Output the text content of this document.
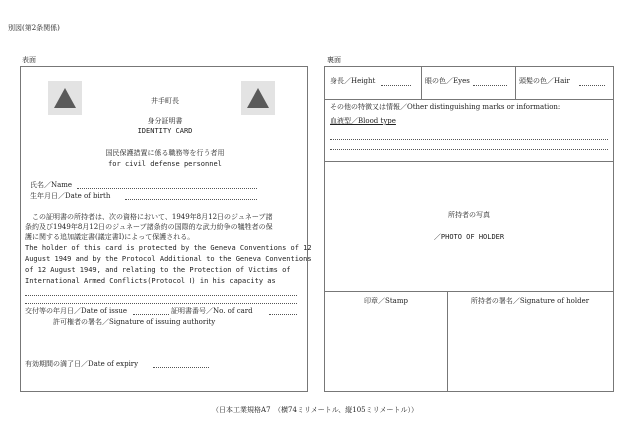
別図(第2条関係)
表面
井手町長
身分証明書
IDENTITY CARD
国民保護措置に係る職務等を行う者用
for civil defense personnel
氏名／Name
生年月日／Date of birth
　この証明書の所持者は、次の資格において、1949年8月12日のジュネーブ諸
条約及び1949年8月12日のジュネーブ諸条約の国際的な武力紛争の犠牲者の保
護に関する追加議定書(議定書Ⅰ)によって保護される。
The holder of this card is protected by the Geneva Conventions of 12
August 1949 and by the Protocol Additional to the Geneva Conventions
of 12 August 1949, and relating to the Protection of Victims of
International Armed Conflicts(Protocol Ⅰ) in his capacity as
交付等の年月日／Date of issue	証明書番号／No. of card
許可権者の署名／Signature of issuing authority
有効期間の満了日／Date of expiry
裏面
身長／Height	眼の色／Eyes	頭髪の色／Hair
その他の特徴又は情報／Other distinguishing marks or information:
血液型／Blood type
所持者の写真
／PHOTO OF HOLDER
印章／Stamp	所持者の署名／Signature of holder
（日本工業規格A7　（横74ミリメートル、縦105ミリメートル））
